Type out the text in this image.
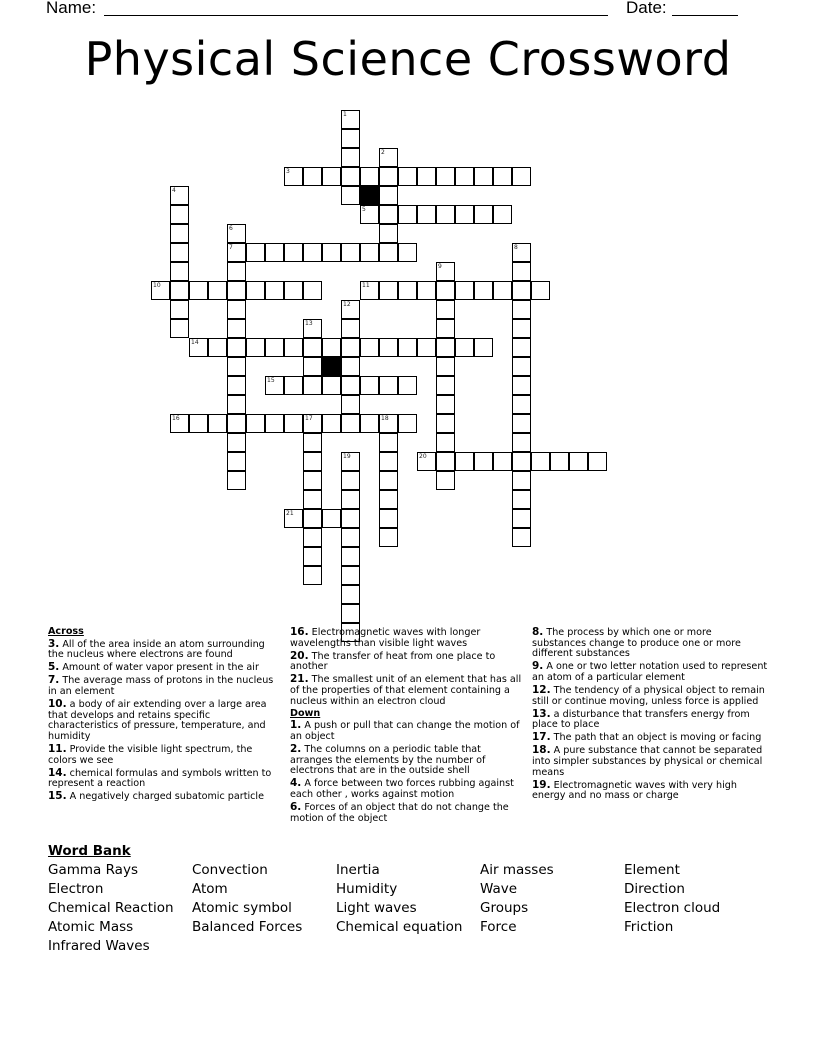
Name:	Date:
Physical Science Crossword
1
2
3
4
5
6
7	8
9
10	11
12
13
14
15
16	17	18
19	20
21
Across
3. All of the area inside an atom surrounding the nucleus where electrons are found
5. Amount of water vapor present in the air
7. The average mass of protons in the nucleus in an element
10. a body of air extending over a large area that develops and retains specific characteristics of pressure, temperature, and humidity
11. Provide the visible light spectrum, the colors we see
14. chemical formulas and symbols written to represent a reaction
15. A negatively charged subatomic particle
16. Electromagnetic waves with longer wavelengths than visible light waves
20. The transfer of heat from one place to another
21. The smallest unit of an element that has all of the properties of that element containing a nucleus within an electron cloud
Down
1. A push or pull that can change the motion of an object
2. The columns on a periodic table that arranges the elements by the number of electrons that are in the outside shell
4. A force between two forces rubbing against each other , works against motion
6. Forces of an object that do not change the motion of the object
8. The process by which one or more substances change to produce one or more different substances
9. A one or two letter notation used to represent an atom of a particular element
12. The tendency of a physical object to remain still or continue moving, unless force is applied
13. a disturbance that transfers energy from place to place
17. The path that an object is moving or facing
18. A pure substance that cannot be separated into simpler substances by physical or chemical means
19. Electromagnetic waves with very high energy and no mass or charge
Word Bank
Gamma Rays	Convection	Inertia	Air masses	Element
Electron	Atom	Humidity	Wave	Direction
Chemical Reaction	Atomic symbol	Light waves	Groups	Electron cloud
Atomic Mass	Balanced Forces	Chemical equation	Force	Friction
Infrared Waves
